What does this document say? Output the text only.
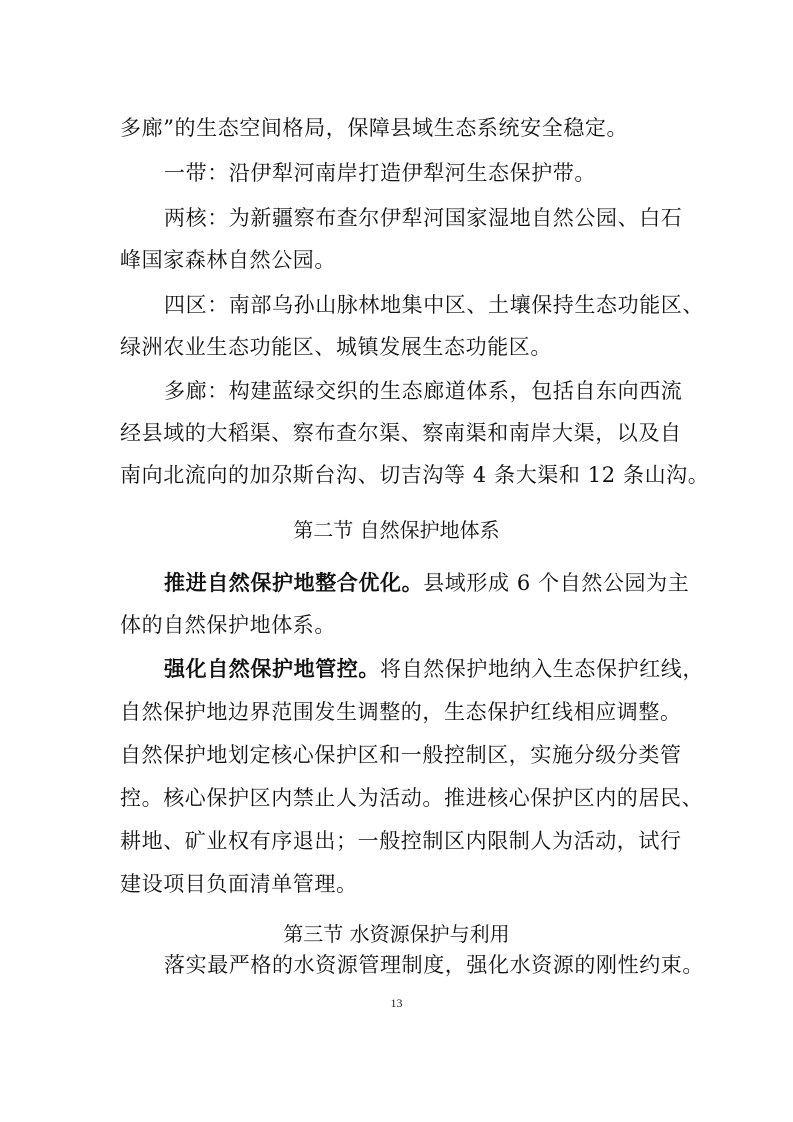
多廊”的生态空间格局，保障县域生态系统安全稳定。
一带：沿伊犁河南岸打造伊犁河生态保护带。
两核：为新疆察布查尔伊犁河国家湿地自然公园、白石
峰国家森林自然公园。
四区：南部乌孙山脉林地集中区、土壤保持生态功能区、
绿洲农业生态功能区、城镇发展生态功能区。
多廊：构建蓝绿交织的生态廊道体系，包括自东向西流
经县域的大稻渠、察布查尔渠、察南渠和南岸大渠，以及自
南向北流向的加尕斯台沟、切吉沟等 4 条大渠和 12 条山沟。
第二节 自然保护地体系
推进自然保护地整合优化。县域形成 6 个自然公园为主
体的自然保护地体系。
强化自然保护地管控。将自然保护地纳入生态保护红线，
自然保护地边界范围发生调整的，生态保护红线相应调整。
自然保护地划定核心保护区和一般控制区，实施分级分类管
控。核心保护区内禁止人为活动。推进核心保护区内的居民、
耕地、矿业权有序退出；一般控制区内限制人为活动，试行
建设项目负面清单管理。
第三节 水资源保护与利用
落实最严格的水资源管理制度，强化水资源的刚性约束。
13
